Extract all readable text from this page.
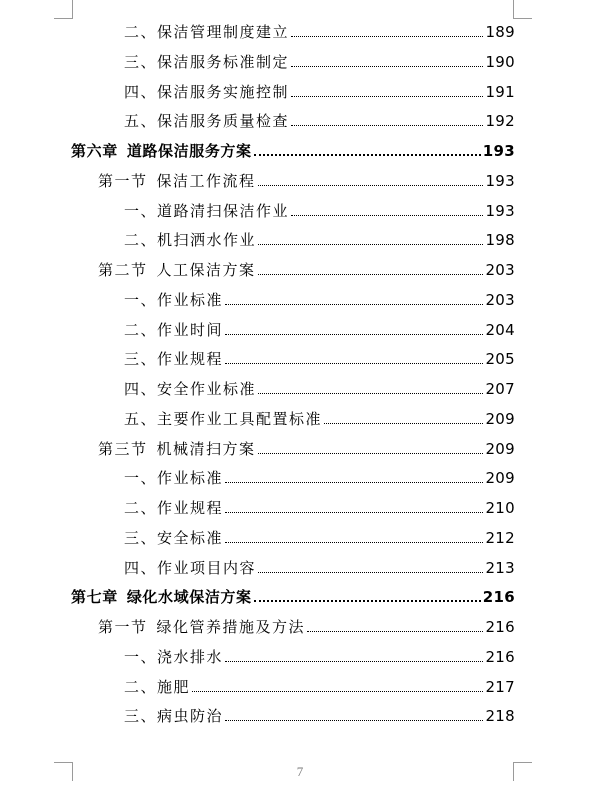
二、保洁管理制度建立	189
三、保洁服务标准制定	190
四、保洁服务实施控制	191
五、保洁服务质量检查	192
第六章 道路保洁服务方案	193
第一节 保洁工作流程	193
一、道路清扫保洁作业	193
二、机扫洒水作业	198
第二节 人工保洁方案	203
一、作业标准	203
二、作业时间	204
三、作业规程	205
四、安全作业标准	207
五、主要作业工具配置标准	209
第三节 机械清扫方案	209
一、作业标准	209
二、作业规程	210
三、安全标准	212
四、作业项目内容	213
第七章 绿化水域保洁方案	216
第一节 绿化管养措施及方法	216
一、浇水排水	216
二、施肥	217
三、病虫防治	218
7
